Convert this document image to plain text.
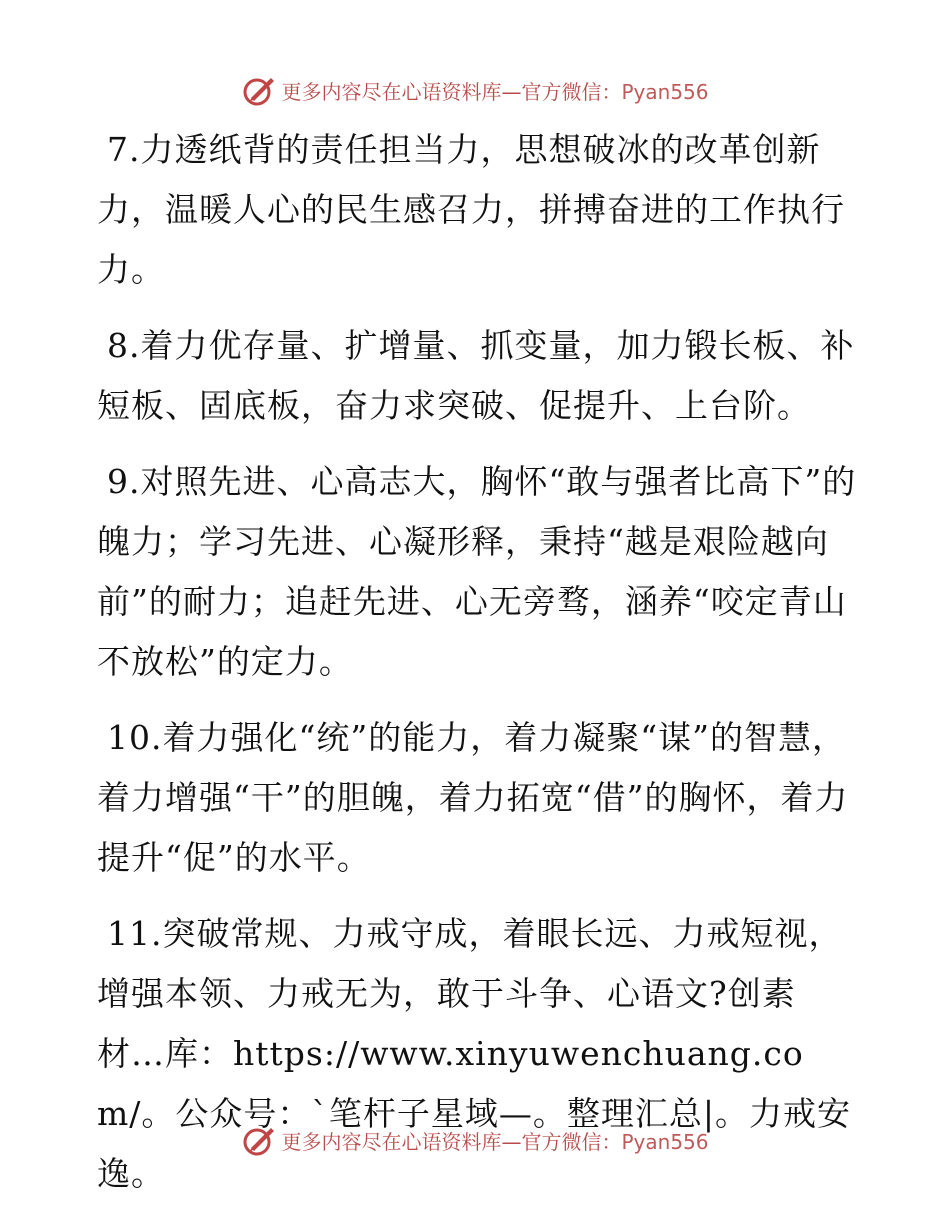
更多内容尽在心语资料库—官方微信：Pyan556

7.力透纸背的责任担当力，思想破冰的改革创新力，温暖人心的民生感召力，拼搏奋进的工作执行力。

8.着力优存量、扩增量、抓变量，加力锻长板、补短板、固底板，奋力求突破、促提升、上台阶。

9.对照先进、心高志大，胸怀“敢与强者比高下”的魄力；学习先进、心凝形释，秉持“越是艰险越向前”的耐力；追赶先进、心无旁骛，涵养“咬定青山不放松”的定力。

10.着力强化“统”的能力，着力凝聚“谋”的智慧，着力增强“干”的胆魄，着力拓宽“借”的胸怀，着力提升“促”的水平。

11.突破常规、力戒守成，着眼长远、力戒短视，增强本领、力戒无为，敢于斗争、心语文?创素材…库：https://www.xinyuwenchuang.com/。公众号：`笔杆子星域—。整理汇总|。力戒安逸。

更多内容尽在心语资料库—官方微信：Pyan556
